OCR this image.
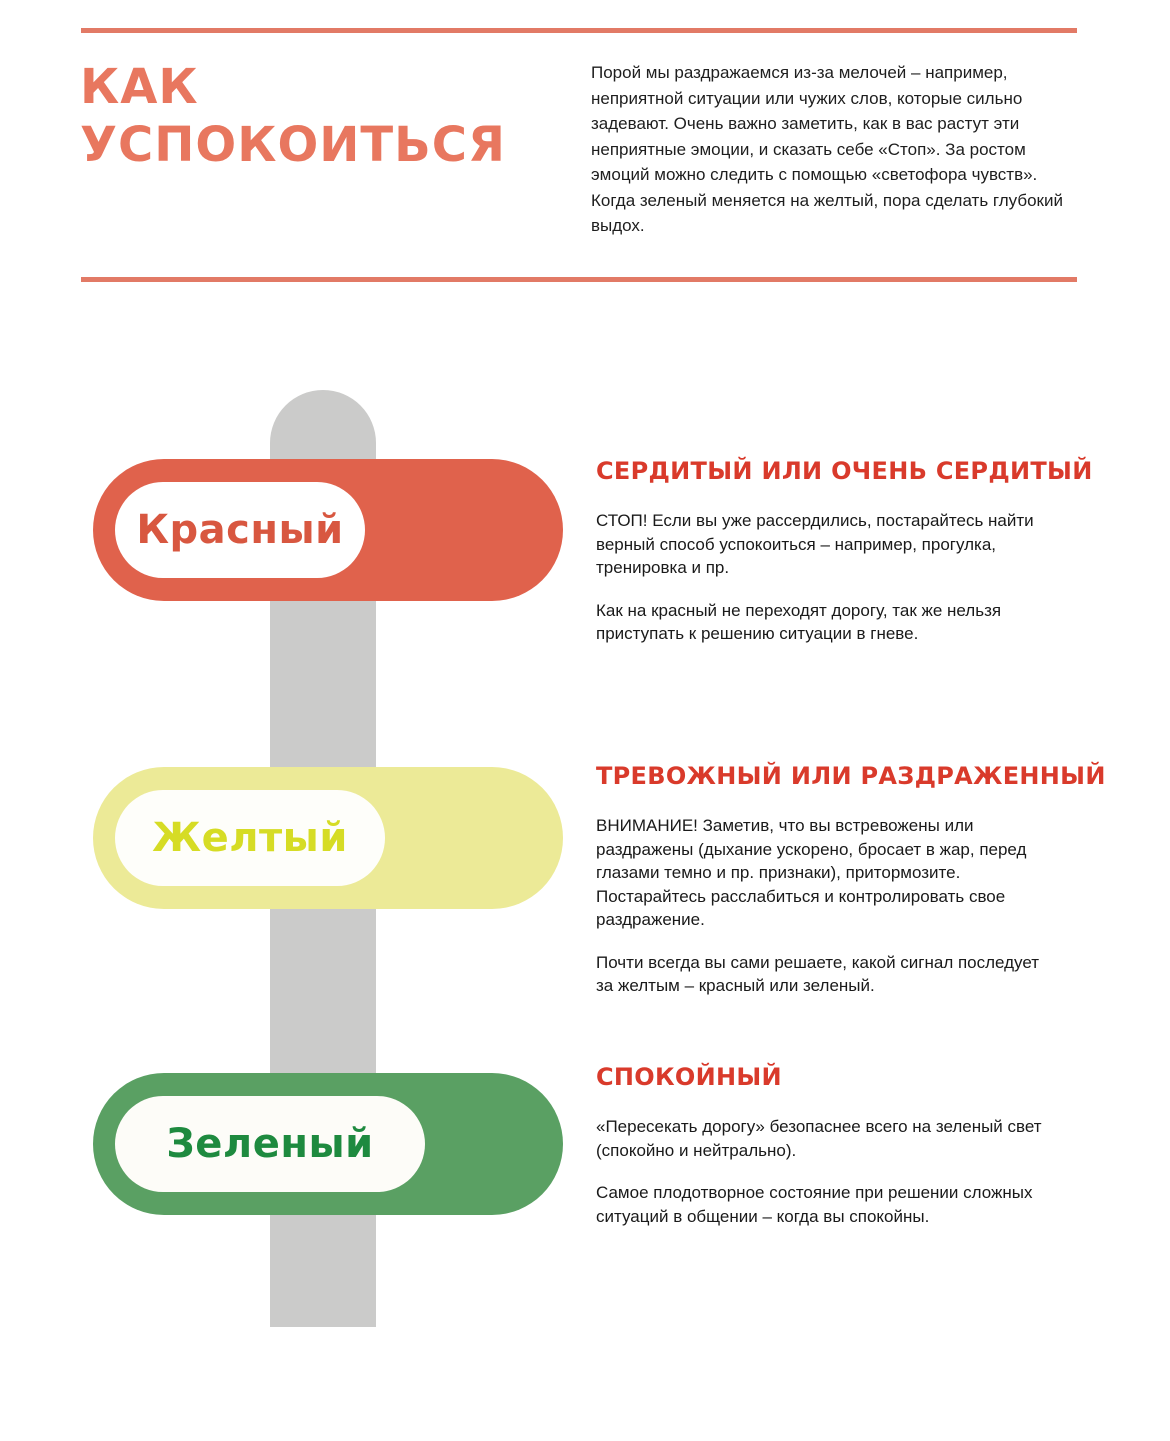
КАК
УСПОКОИТЬСЯ

Порой мы раздражаемся из-за мелочей – например, неприятной ситуации или чужих слов, которые сильно задевают. Очень важно заметить, как в вас растут эти неприятные эмоции, и сказать себе «Стоп». За ростом эмоций можно следить с помощью «светофора чувств». Когда зеленый меняется на желтый, пора сделать глубокий выдох.

Красный
Желтый
Зеленый
СЕРДИТЫЙ ИЛИ ОЧЕНЬ СЕРДИТЫЙ

СТОП! Если вы уже рассердились, постарайтесь найти верный способ успокоиться – например, прогулка, тренировка и пр.

Как на красный не переходят дорогу, так же нельзя приступать к решению ситуации в гневе.

ТРЕВОЖНЫЙ ИЛИ РАЗДРАЖЕННЫЙ

ВНИМАНИЕ! Заметив, что вы встревожены или раздражены (дыхание ускорено, бросает в жар, перед глазами темно и пр. признаки), притормозите. Постарайтесь расслабиться и контролировать свое раздражение.

Почти всегда вы сами решаете, какой сигнал последует за желтым – красный или зеленый.

СПОКОЙНЫЙ

«Пересекать дорогу» безопаснее всего на зеленый свет (спокойно и нейтрально).

Самое плодотворное состояние при решении сложных ситуаций в общении – когда вы спокойны.
